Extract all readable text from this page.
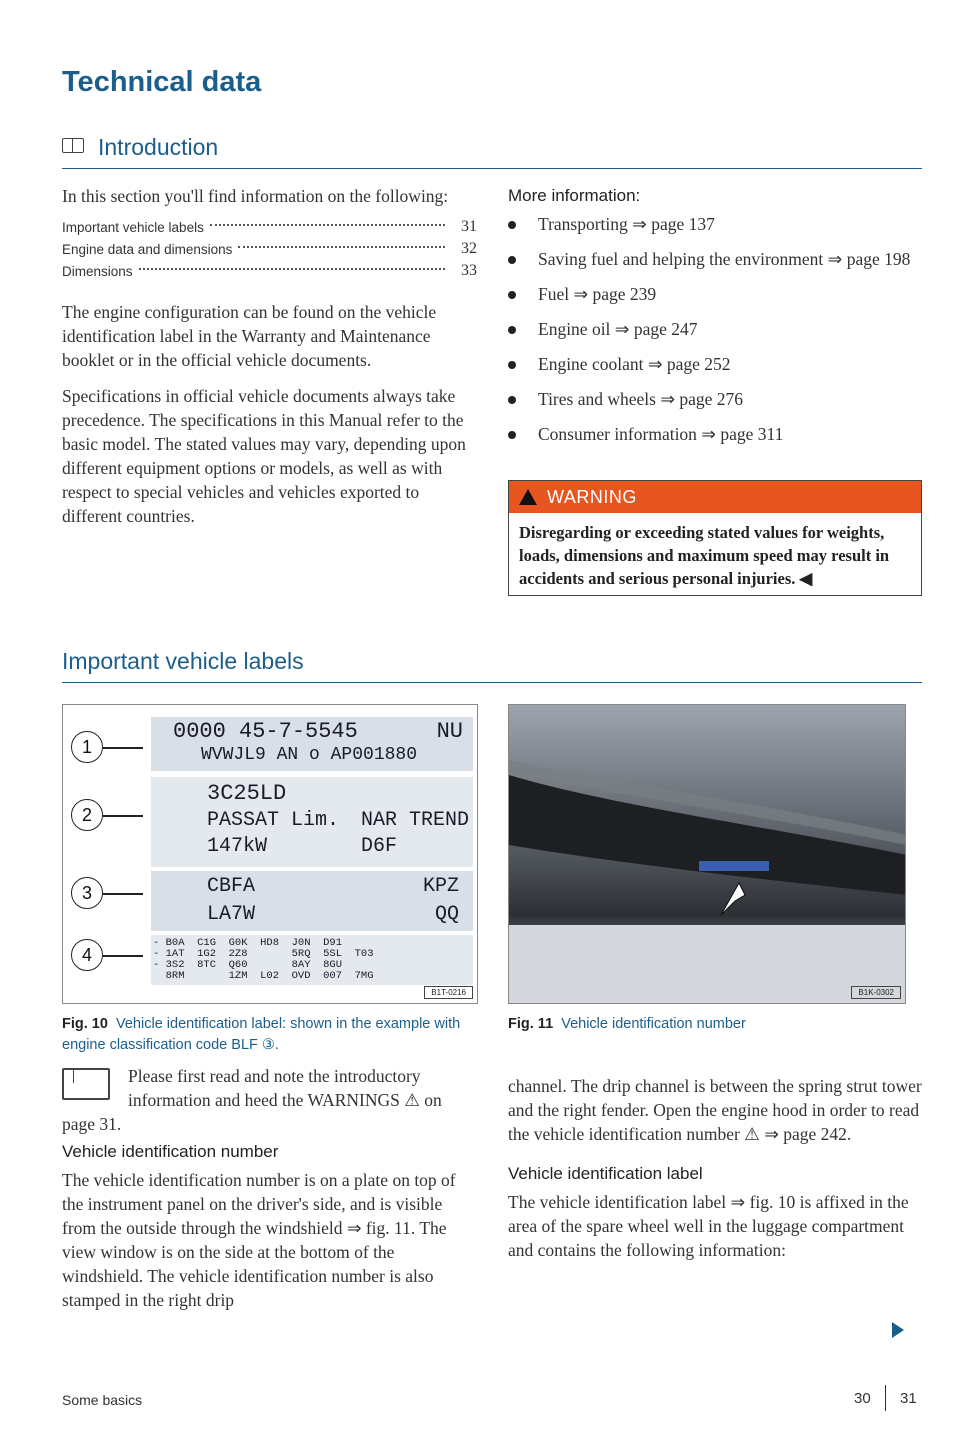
Technical data
Introduction

In this section you'll find information on the following:

Important vehicle labels	31
Engine data and dimensions	32
Dimensions	33

The engine configuration can be found on the vehicle identification label in the Warranty and Maintenance booklet or in the official vehicle documents.

Specifications in official vehicle documents always take precedence. The specifications in this Manual refer to the basic model. The stated values may vary, depending upon different equipment options or models, as well as with respect to special vehicles and vehicles exported to different countries.

More information:
Transporting ⇒ page 137
Saving fuel and helping the environment ⇒ page 198
Fuel ⇒ page 239
Engine oil ⇒ page 247
Engine coolant ⇒ page 252
Tires and wheels ⇒ page 276
Consumer information ⇒ page 311
WARNING
Disregarding or exceeding stated values for weights, loads, dimensions and maximum speed may result in accidents and serious personal injuries. ◀
Important vehicle labels
1
2
3
4
0000 45-7-5545	NU
WVWJL9 AN o AP001880
3C25LD
PASSAT Lim. NAR TREND
147kW	D6F
CBFA	KPZ
LA7W	QQ
- B0A  C1G  G0K  HD8  J0N  D91
- 1AT  1G2  2Z8       5RQ  5SL  T03
- 3S2  8TC  Q60       8AY  8GU
8RM       1ZM  L02  OVD  007  7MG
B1T-0216
Fig. 10 Vehicle identification label: shown in the example with engine classification code BLF ③.
B1K-0302
Fig. 11 Vehicle identification number

Please first read and note the introductory information and heed the WARNINGS ⚠ on page 31.

Vehicle identification number

The vehicle identification number is on a plate on top of the instrument panel on the driver's side, and is visible from the outside through the windshield ⇒ fig. 11. The view window is on the side at the bottom of the windshield. The vehicle identification number is also stamped in the right drip

channel. The drip channel is between the spring strut tower and the right fender. Open the engine hood in order to read the vehicle identification number ⚠ ⇒ page 242.

Vehicle identification label

The vehicle identification label ⇒ fig. 10 is affixed in the area of the spare wheel well in the luggage compartment and contains the following information:

Some basics	30 31
